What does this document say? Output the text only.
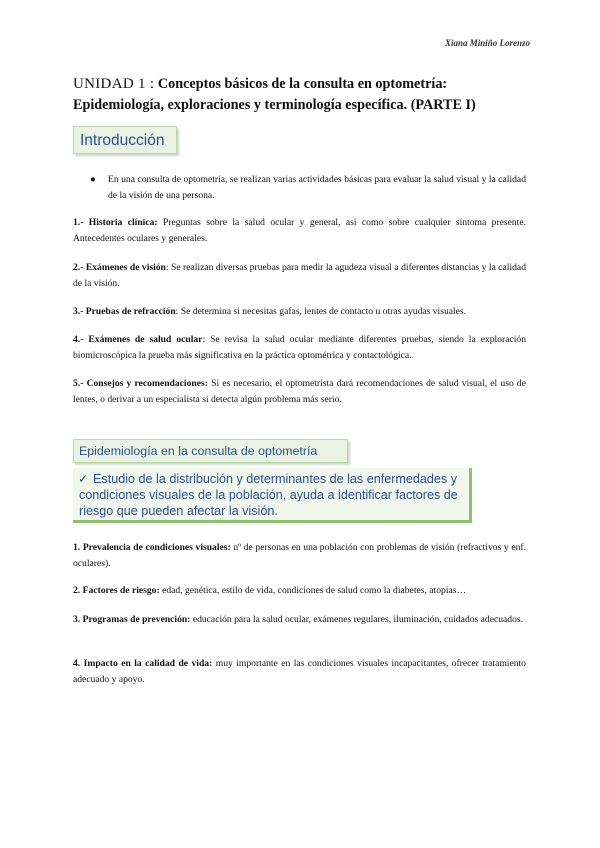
Xiana Miniño Lorenzo
UNIDAD 1 : Conceptos básicos de la consulta en optometría: Epidemiología, exploraciones y terminología específica. (PARTE I)
Introducción
● En una consulta de optometría, se realizan varias actividades básicas para evaluar la salud visual y la calidad de la visión de una persona.

1.- Historia clínica: Preguntas sobre la salud ocular y general, así como sobre cualquier síntoma presente. Antecedentes oculares y generales.

2.- Exámenes de visión: Se realizan diversas pruebas para medir la agudeza visual a diferentes distancias y la calidad de la visión.

3.- Pruebas de refracción: Se determina si necesitas gafas, lentes de contacto u otras ayudas visuales.

4.- Exámenes de salud ocular: Se revisa la salud ocular mediante diferentes pruebas, siendo la exploración biomicroscópica la prueba más significativa en la práctica optométrica y contactológica.

5.- Consejos y recomendaciones: Si es necesario, el optometrista dará recomendaciones de salud visual, el uso de lentes, o derivar a un especialista si detecta algún problema más serio.

Epidemiología en la consulta de optometría
✓ Estudio de la distribución y determinantes de las enfermedades y condiciones visuales de la población, ayuda a identificar factores de riesgo que pueden afectar la visión.

1. Prevalencia de condiciones visuales: nº de personas en una población con problemas de visión (refractivos y enf. oculares).

2. Factores de riesgo: edad, genética, estilo de vida, condiciones de salud como la diabetes, atopias…

3. Programas de prevención: educación para la salud ocular, exámenes regulares, iluminación, cuidados adecuados.

4. Impacto en la calidad de vida: muy importante en las condiciones visuales incapacitantes, ofrecer tratamiento adecuado y apoyo.
